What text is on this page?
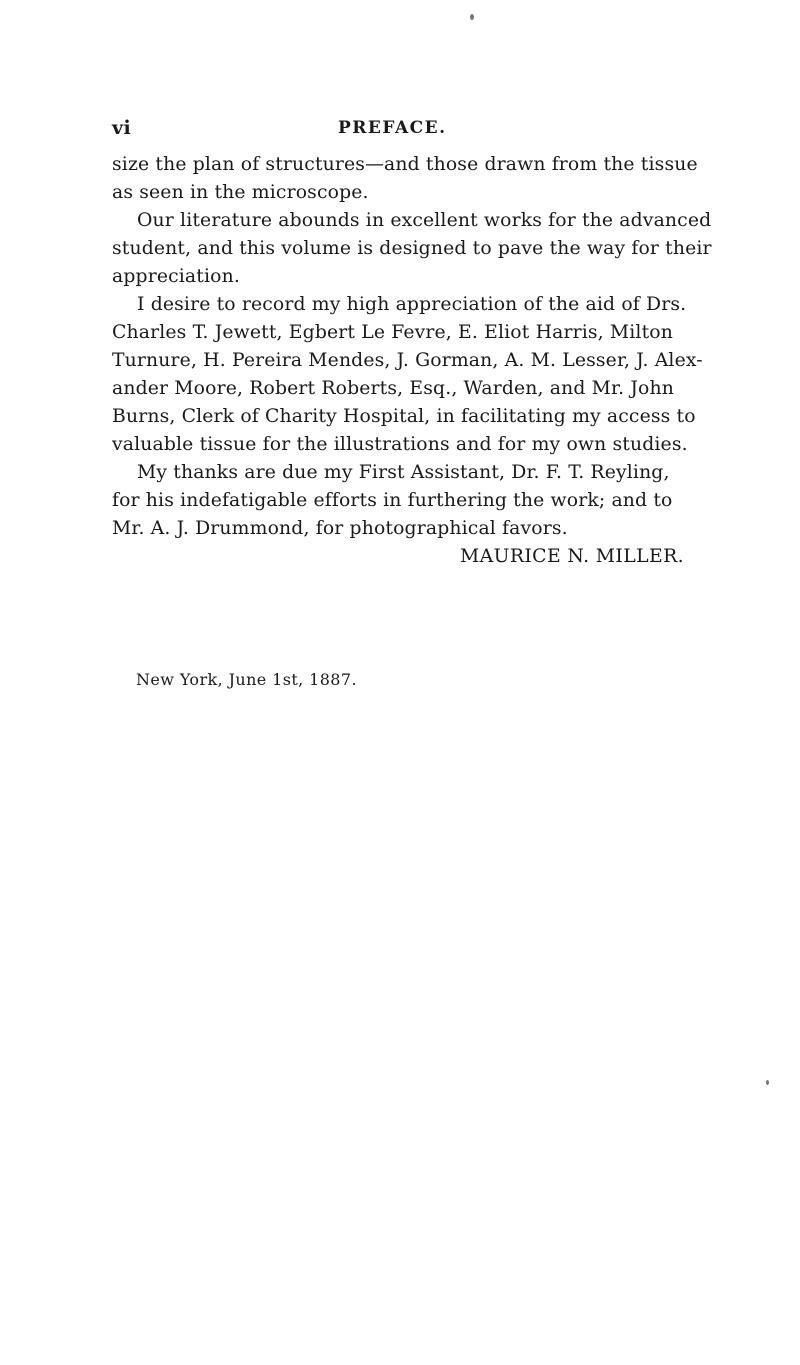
vi	PREFACE.
size the plan of structures—and those drawn from the tissue
as seen in the microscope.
Our literature abounds in excellent works for the advanced
student, and this volume is designed to pave the way for their
appreciation.
I desire to record my high appreciation of the aid of Drs.
Charles T. Jewett, Egbert Le Fevre, E. Eliot Harris, Milton
Turnure, H. Pereira Mendes, J. Gorman, A. M. Lesser, J. Alex-
ander Moore, Robert Roberts, Esq., Warden, and Mr. John
Burns, Clerk of Charity Hospital, in facilitating my access to
valuable tissue for the illustrations and for my own studies.
My thanks are due my First Assistant, Dr. F. T. Reyling,
for his indefatigable efforts in furthering the work; and to
Mr. A. J. Drummond, for photographical favors.
MAURICE N. MILLER.
New York, June 1st, 1887.
